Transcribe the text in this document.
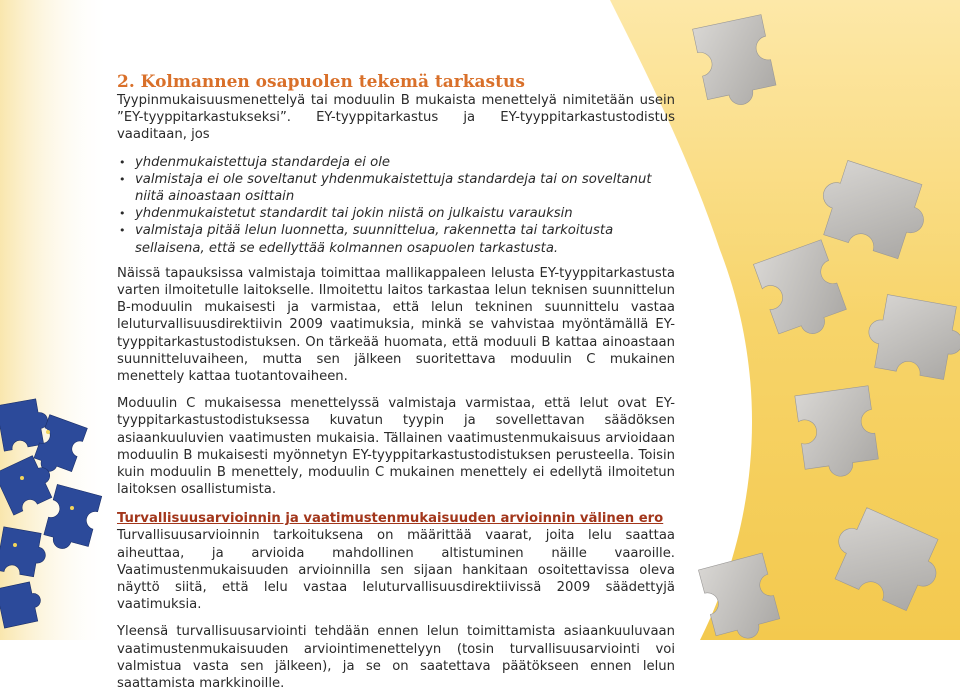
2. Kolmannen osapuolen tekemä tarkastus

Tyypinmukaisuusmenettelyä tai moduulin B mukaista menettelyä nimitetään usein ”EY-tyyppitarkastukseksi”. EY-tyyppitarkastus ja EY-tyyppitarkastustodistus vaaditaan, jos

• yhdenmukaistettuja standardeja ei ole
• valmistaja ei ole soveltanut yhdenmukaistettuja standardeja tai on soveltanut niitä ainoastaan osittain
• yhdenmukaistetut standardit tai jokin niistä on julkaistu varauksin
• valmistaja pitää lelun luonnetta, suunnittelua, rakennetta tai tarkoitusta sellaisena, että se edellyttää kolmannen osapuolen tarkastusta.

Näissä tapauksissa valmistaja toimittaa mallikappaleen lelusta EY-tyyppitarkastusta varten ilmoitetulle laitokselle. Ilmoitettu laitos tarkastaa lelun teknisen suunnittelun B-moduulin mukaisesti ja varmistaa, että lelun tekninen suunnittelu vastaa leluturvallisuusdirektiivin 2009 vaatimuksia, minkä se vahvistaa myöntämällä EY-tyyppitarkastustodistuksen. On tärkeää huomata, että moduuli B kattaa ainoastaan suunnitteluvaiheen, mutta sen jälkeen suoritettava moduulin C mukainen menettely kattaa tuotantovaiheen.

Moduulin C mukaisessa menettelyssä valmistaja varmistaa, että lelut ovat EY-tyyppitarkastustodistuksessa kuvatun tyypin ja sovellettavan säädöksen asiaankuuluvien vaatimusten mukaisia. Tällainen vaatimustenmukaisuus arvioidaan moduulin B mukaisesti myönnetyn EY-tyyppitarkastustodistuksen perusteella. Toisin kuin moduulin B menettely, moduulin C mukainen menettely ei edellytä ilmoitetun laitoksen osallistumista.

Turvallisuusarvioinnin ja vaatimustenmukaisuuden arvioinnin välinen ero

Turvallisuusarvioinnin tarkoituksena on määrittää vaarat, joita lelu saattaa aiheuttaa, ja arvioida mahdollinen altistuminen näille vaaroille. Vaatimustenmukaisuuden arvioinnilla sen sijaan hankitaan osoitettavissa oleva näyttö siitä, että lelu vastaa leluturvallisuusdirektiivissä 2009 säädettyjä vaatimuksia.

Yleensä turvallisuusarviointi tehdään ennen lelun toimittamista asiaankuuluvaan vaatimustenmukaisuuden arviointimenettelyyn (tosin turvallisuusarviointi voi valmistua vasta sen jälkeen), ja se on saatettava päätökseen ennen lelun saattamista markkinoille.
